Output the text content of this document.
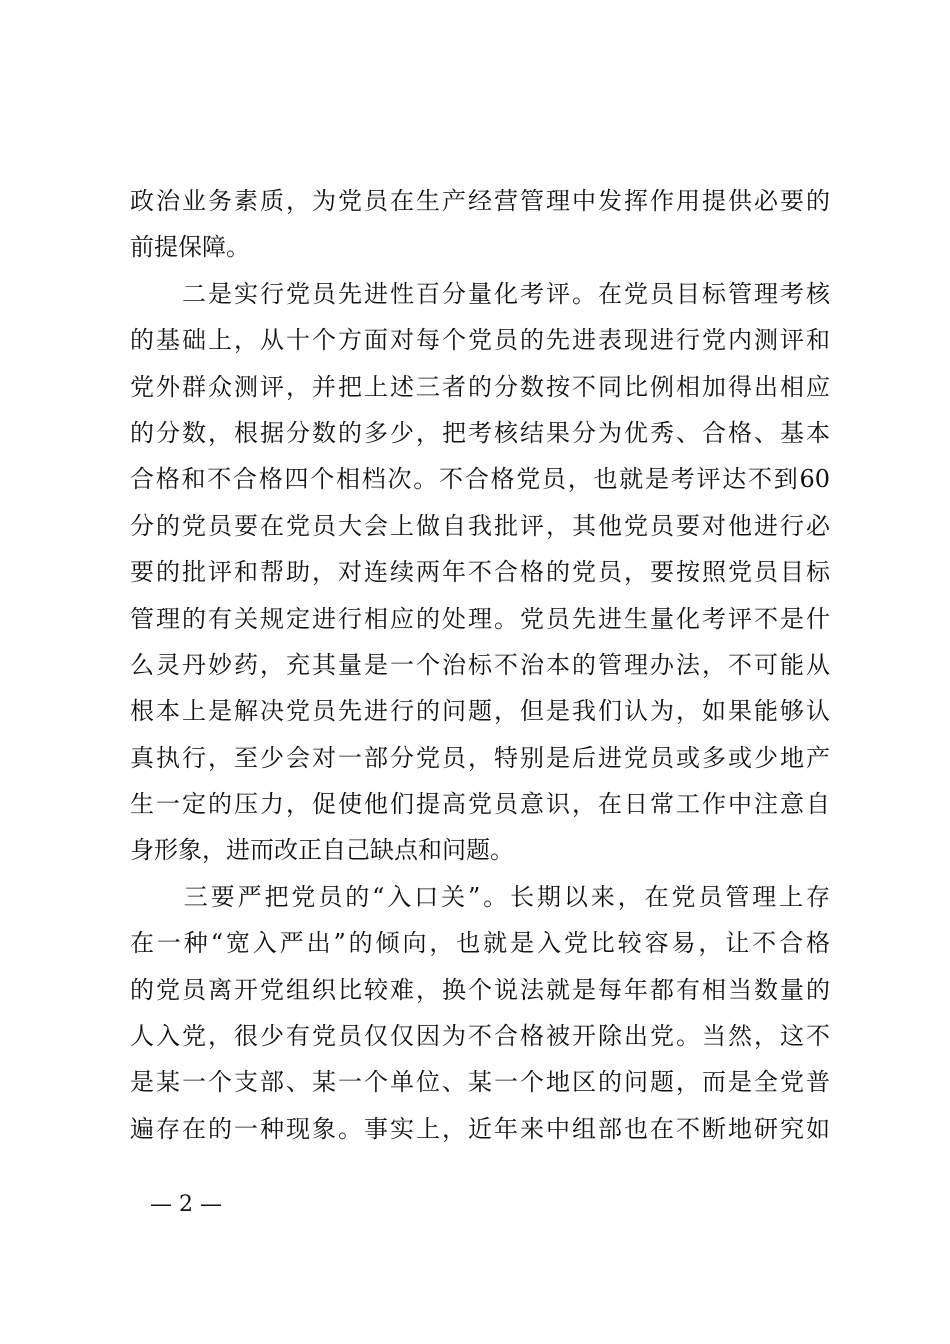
政治业务素质，为党员在生产经营管理中发挥作用提供必要的
前提保障。
　　二是实行党员先进性百分量化考评。在党员目标管理考核
的基础上，从十个方面对每个党员的先进表现进行党内测评和
党外群众测评，并把上述三者的分数按不同比例相加得出相应
的分数，根据分数的多少，把考核结果分为优秀、合格、基本
合格和不合格四个相档次。不合格党员，也就是考评达不到60
分的党员要在党员大会上做自我批评，其他党员要对他进行必
要的批评和帮助，对连续两年不合格的党员，要按照党员目标
管理的有关规定进行相应的处理。党员先进生量化考评不是什
么灵丹妙药，充其量是一个治标不治本的管理办法，不可能从
根本上是解决党员先进行的问题，但是我们认为，如果能够认
真执行，至少会对一部分党员，特别是后进党员或多或少地产
生一定的压力，促使他们提高党员意识，在日常工作中注意自
身形象，进而改正自己缺点和问题。
　　三要严把党员的“入口关”。长期以来，在党员管理上存
在一种“宽入严出”的倾向，也就是入党比较容易，让不合格
的党员离开党组织比较难，换个说法就是每年都有相当数量的
人入党，很少有党员仅仅因为不合格被开除出党。当然，这不
是某一个支部、某一个单位、某一个地区的问题，而是全党普
遍存在的一种现象。事实上，近年来中组部也在不断地研究如
— 2 —
